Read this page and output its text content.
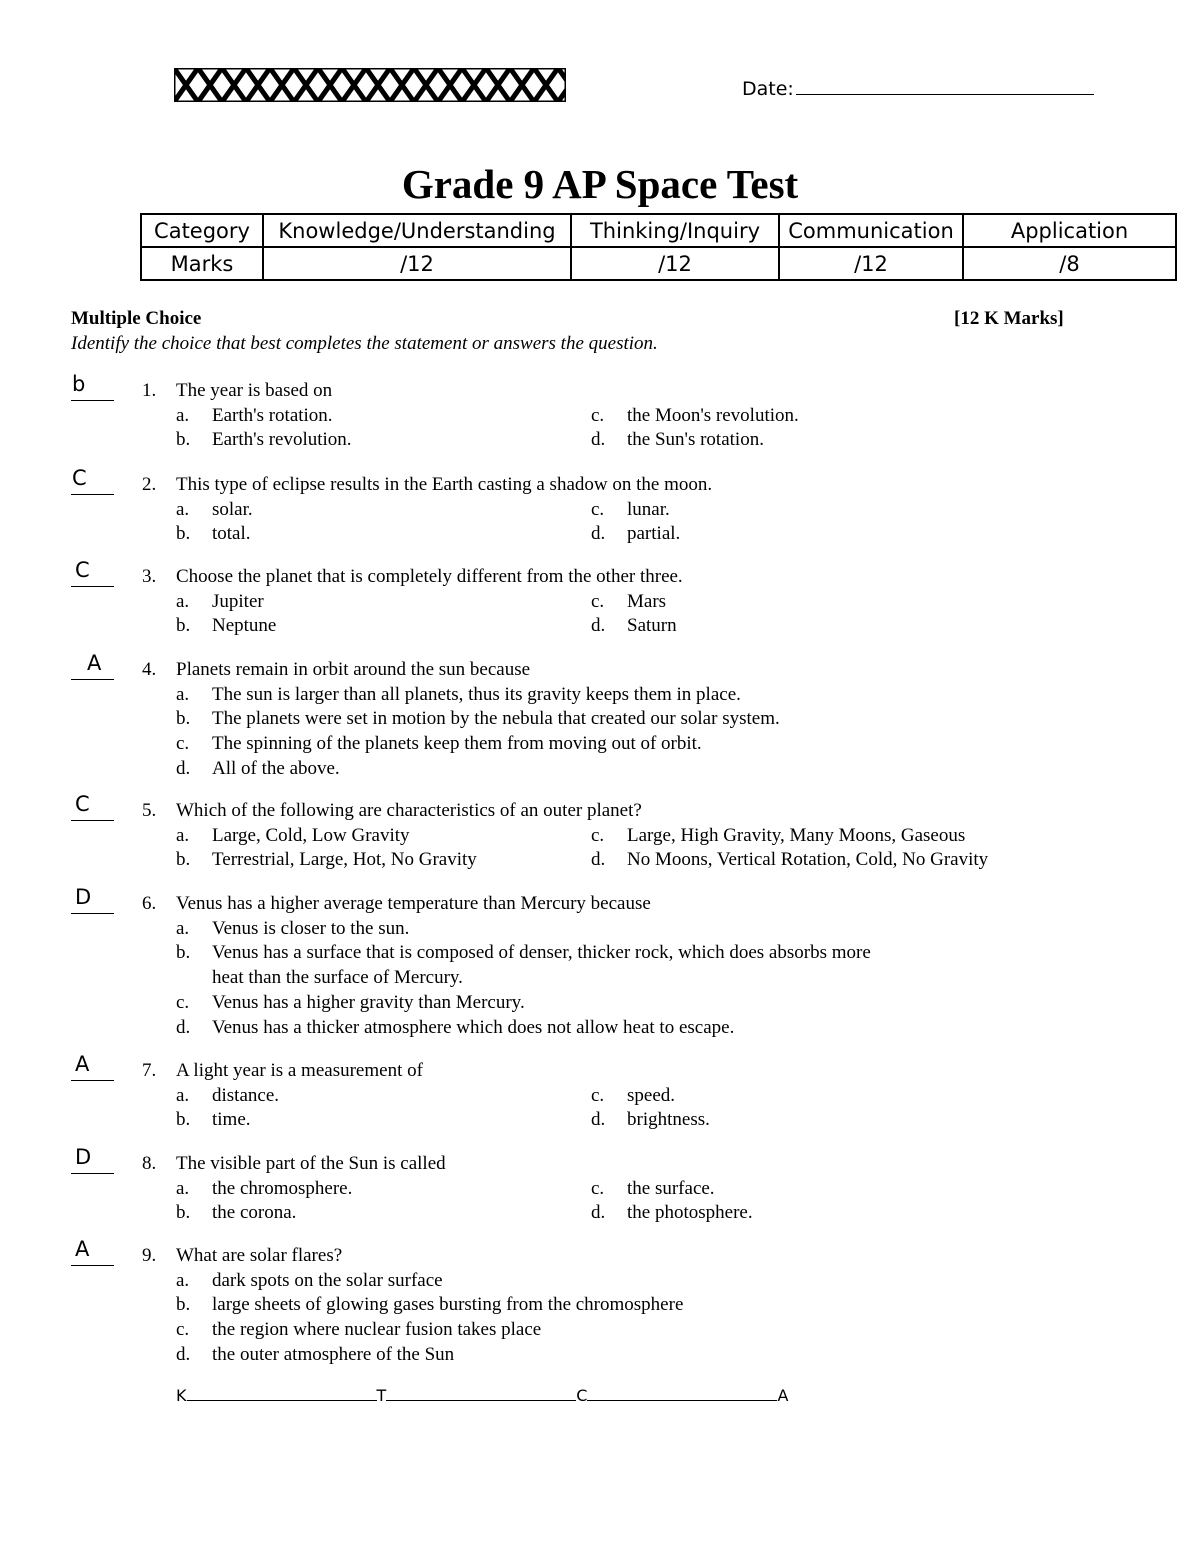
Date:
Grade 9 AP Space Test
Category	Knowledge/Understanding	Thinking/Inquiry	Communication	Application
Marks	/12	/12	/12	/8
Multiple Choice	[12 K Marks]
Identify the choice that best completes the statement or answers the question.
b	1.	The year is based on
a.	Earth's rotation.
b.	Earth's revolution.
c.	the Moon's revolution.
d.	the Sun's rotation.
C	2.	This type of eclipse results in the Earth casting a shadow on the moon.
a.	solar.
b.	total.
c.	lunar.
d.	partial.
C	3.	Choose the planet that is completely different from the other three.
a.	Jupiter
b.	Neptune
c.	Mars
d.	Saturn
A 4.	Planets remain in orbit around the sun because
a.	The sun is larger than all planets, thus its gravity keeps them in place.
b.	The planets were set in motion by the nebula that created our solar system.
c.	The spinning of the planets keep them from moving out of orbit.
d.	All of the above.
C	5.	Which of the following are characteristics of an outer planet?
a.	Large, Cold, Low Gravity
b.	Terrestrial, Large, Hot, No Gravity
c.	Large, High Gravity, Many Moons, Gaseous
d.	No Moons, Vertical Rotation, Cold, No Gravity
D	6.	Venus has a higher average temperature than Mercury because
a.	Venus is closer to the sun.
b.	Venus has a surface that is composed of denser, thicker rock, which does absorbs more
heat than the surface of Mercury.
c.	Venus has a higher gravity than Mercury.
d.	Venus has a thicker atmosphere which does not allow heat to escape.
A	7.	A light year is a measurement of
a.	distance.
b.	time.
c.	speed.
d.	brightness.
D	8.	The visible part of the Sun is called
a.	the chromosphere.
b.	the corona.
c.	the surface.
d.	the photosphere.
A	9.	What are solar flares?
a.	dark spots on the solar surface
b.	large sheets of glowing gases bursting from the chromosphere
c.	the region where nuclear fusion takes place
d.	the outer atmosphere of the Sun
K	T	C	A
